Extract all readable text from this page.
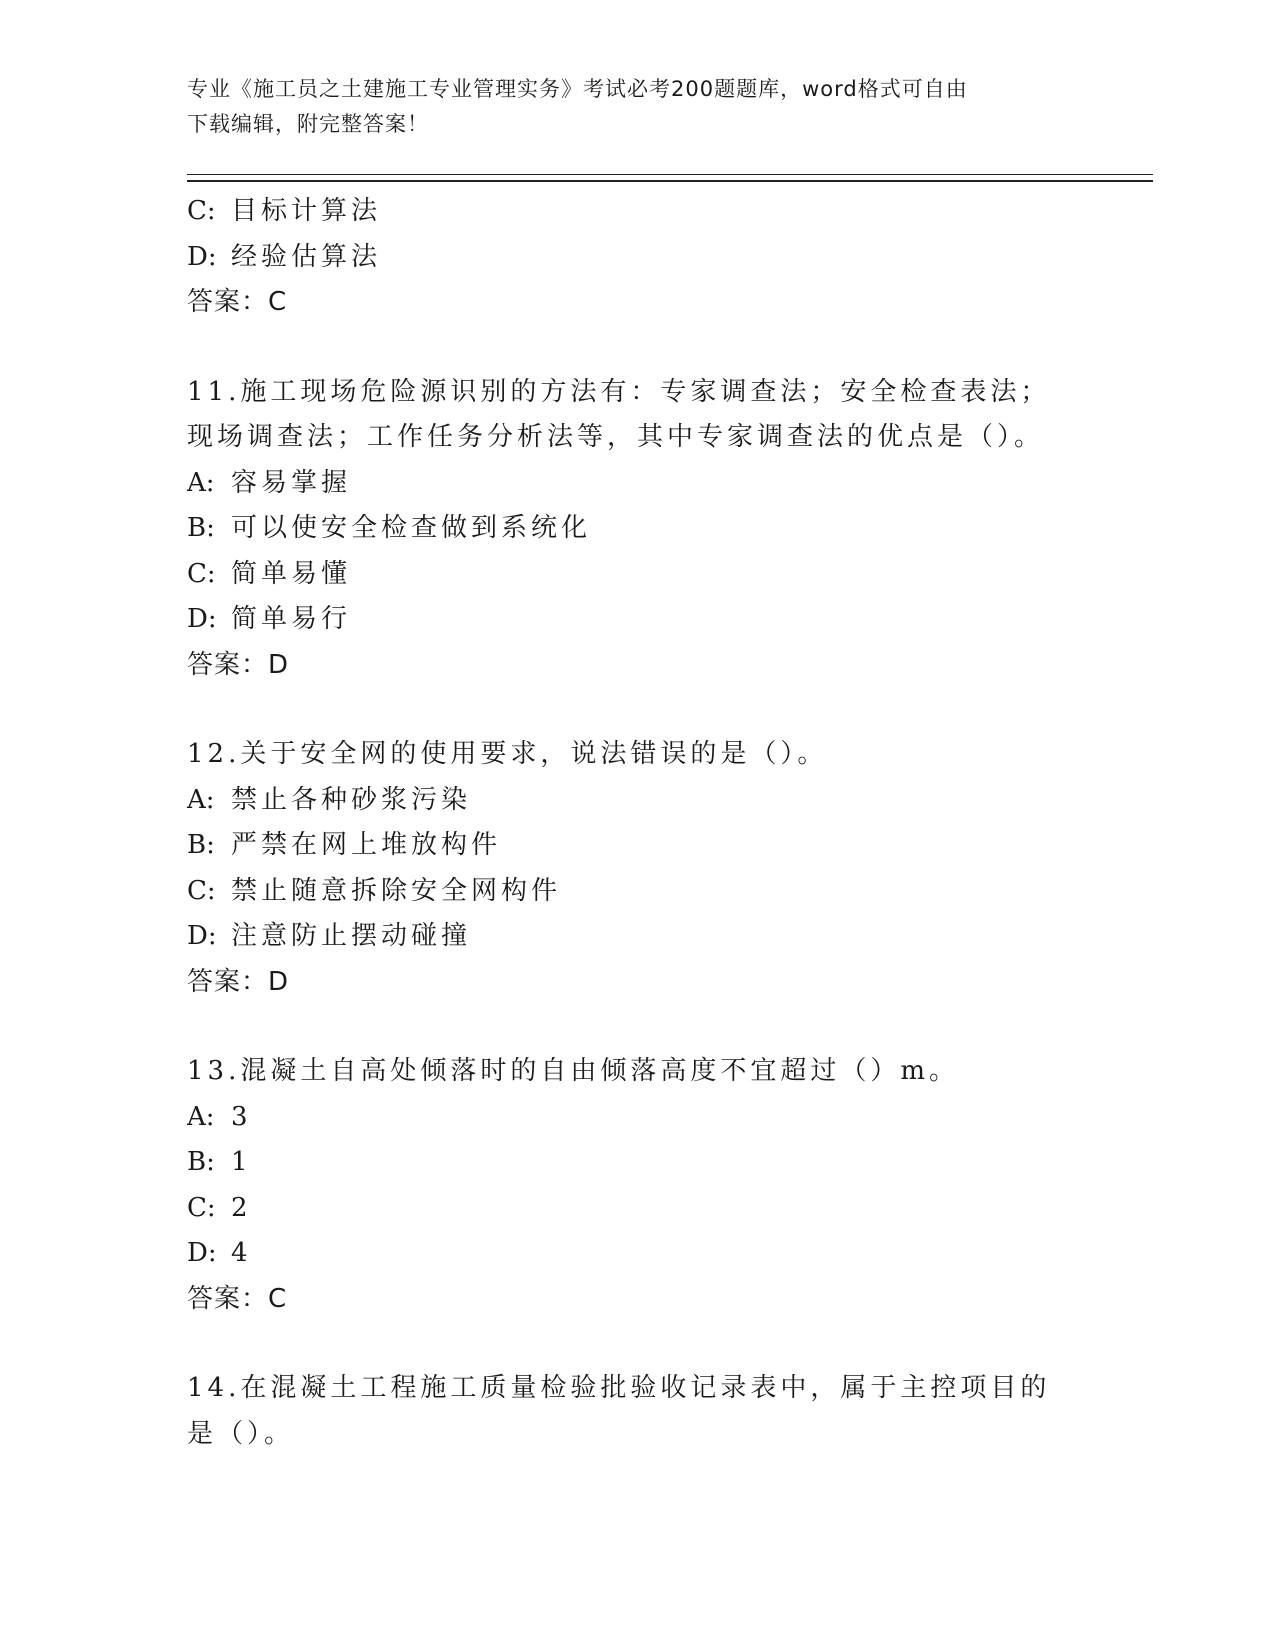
专业《施工员之土建施工专业管理实务》考试必考200题题库，word格式可自由
下载编辑，附完整答案！
C: 目标计算法
D: 经验估算法
答案：C
11.施工现场危险源识别的方法有：专家调查法；安全检查表法；现场调查法；工作任务分析法等，其中专家调查法的优点是（）。
A: 容易掌握
B: 可以使安全检查做到系统化
C: 简单易懂
D: 简单易行
答案：D
12.关于安全网的使用要求，说法错误的是（）。
A: 禁止各种砂浆污染
B: 严禁在网上堆放构件
C: 禁止随意拆除安全网构件
D: 注意防止摆动碰撞
答案：D
13.混凝土自高处倾落时的自由倾落高度不宜超过（）m。
A: 3
B: 1
C: 2
D: 4
答案：C
14.在混凝土工程施工质量检验批验收记录表中，属于主控项目的是（）。
